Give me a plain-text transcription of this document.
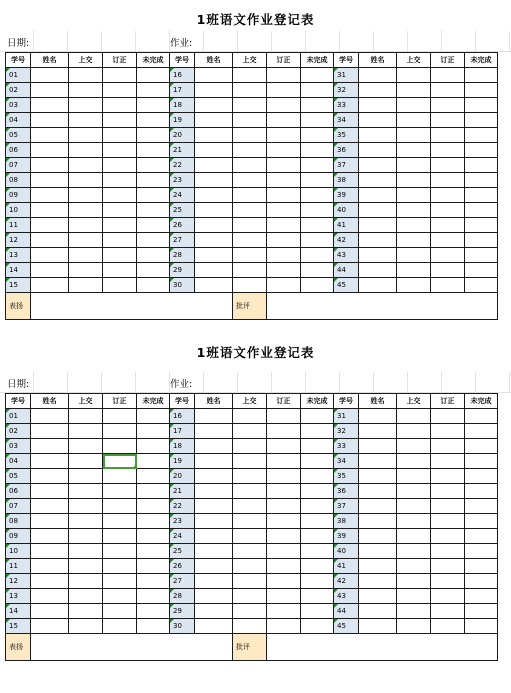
1班语文作业登记表
日期:	作业:
学号	姓名	上交	订正	未完成	学号	姓名	上交	订正	未完成	学号	姓名	上交	订正	未完成
01					16					31				
02					17					32				
03					18					33				
04					19					34				
05					20					35				
06					21					36				
07					22					37				
08					23					38				
09					24					39				
10					25					40				
11					26					41				
12					27					42				
13					28					43				
14					29					44				
15					30					45				
表扬							批评							
1班语文作业登记表
日期:	作业:
学号	姓名	上交	订正	未完成	学号	姓名	上交	订正	未完成	学号	姓名	上交	订正	未完成
01					16					31				
02					17					32				
03					18					33				
04					19					34				
05					20					35				
06					21					36				
07					22					37				
08					23					38				
09					24					39				
10					25					40				
11					26					41				
12					27					42				
13					28					43				
14					29					44				
15					30					45				
表扬							批评							
